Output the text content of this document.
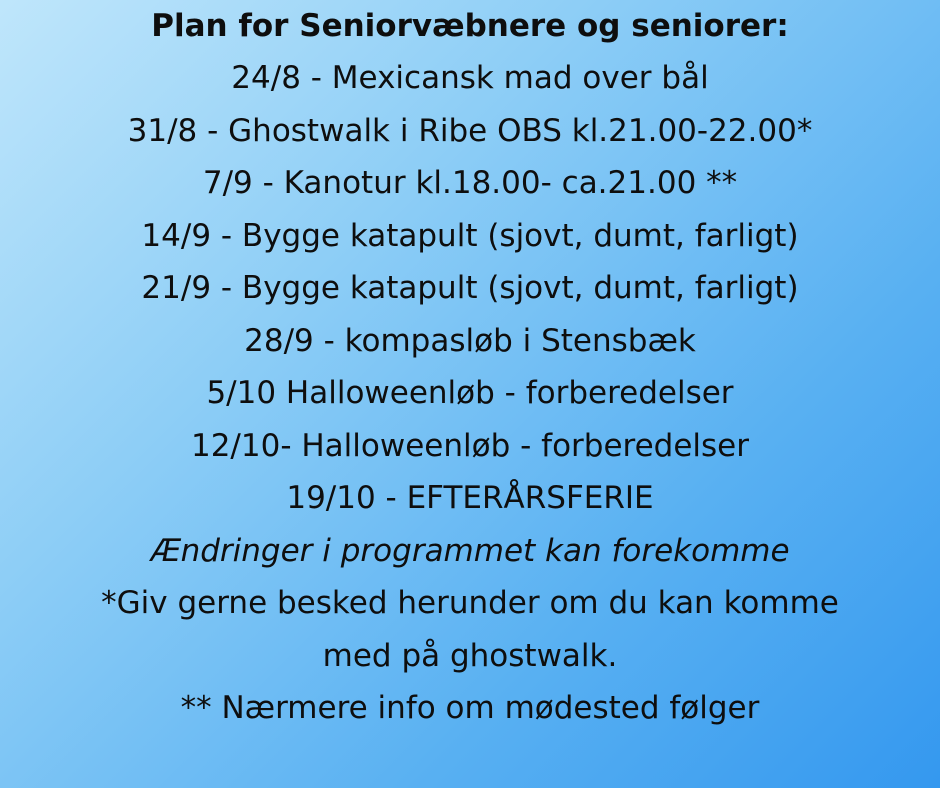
Plan for Seniorvæbnere og seniorer:

24/8 - Mexicansk mad over bål

31/8 - Ghostwalk i Ribe OBS kl.21.00-22.00*

7/9 - Kanotur kl.18.00- ca.21.00 **

14/9 - Bygge katapult (sjovt, dumt, farligt)

21/9 - Bygge katapult (sjovt, dumt, farligt)

28/9 - kompasløb i Stensbæk

5/10 Halloweenløb - forberedelser

12/10- Halloweenløb - forberedelser

19/10 - EFTERÅRSFERIE

Ændringer i programmet kan forekomme

*Giv gerne besked herunder om du kan komme

med på ghostwalk.

** Nærmere info om mødested følger
